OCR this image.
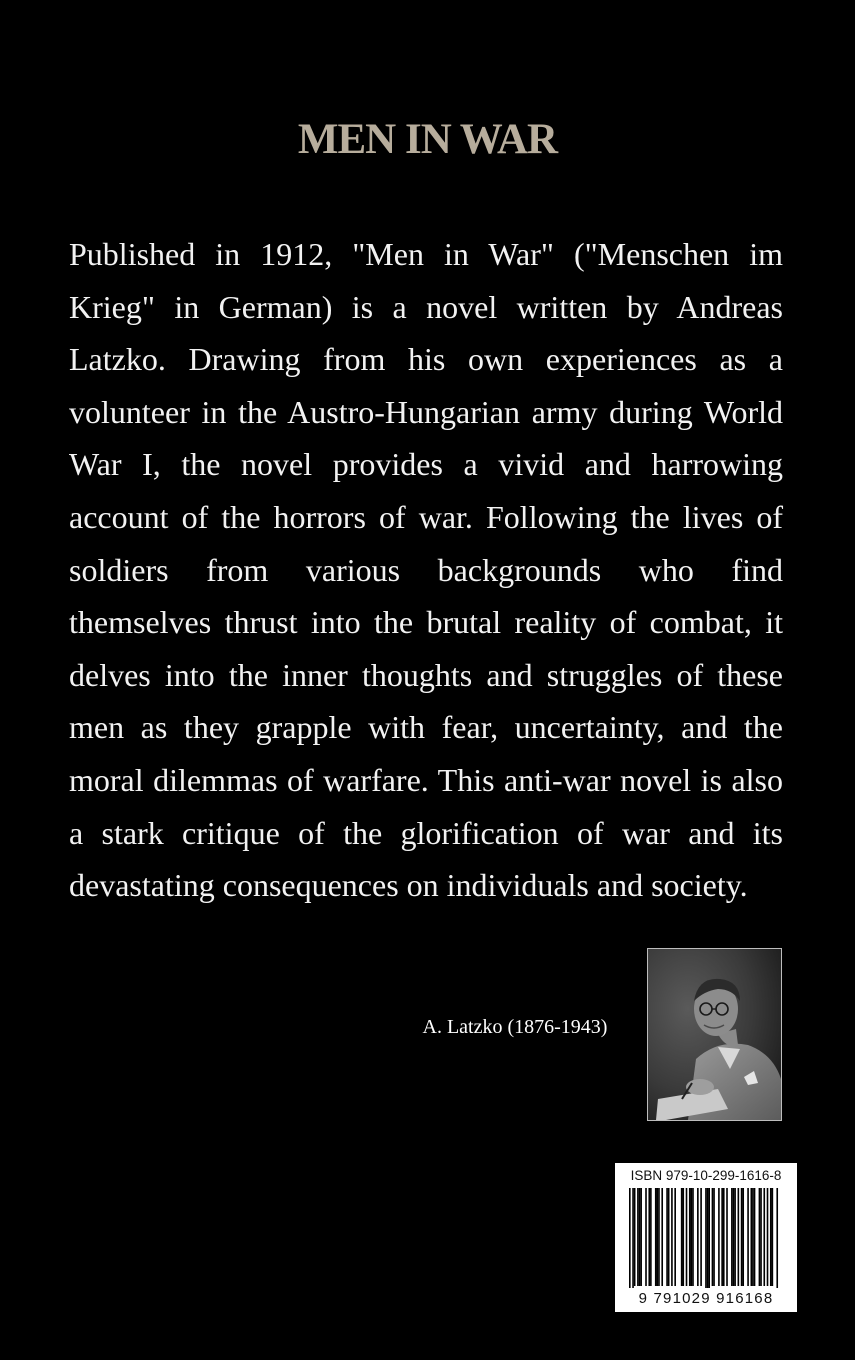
MEN IN WAR

Published in 1912, "Men in War" ("Menschen im Krieg" in German) is a novel written by Andreas Latzko. Drawing from his own experiences as a volunteer in the Austro-Hungarian army during World War I, the novel provides a vivid and harrowing account of the horrors of war. Following the lives of soldiers from various backgrounds who find themselves thrust into the brutal reality of combat, it delves into the inner thoughts and struggles of these men as they grapple with fear, uncertainty, and the moral dilemmas of warfare. This anti-war novel is also a stark critique of the glorification of war and its devastating consequences on individuals and society.

A. Latzko (1876-1943)
ISBN 979-10-299-1616-8
9 791029 916168
